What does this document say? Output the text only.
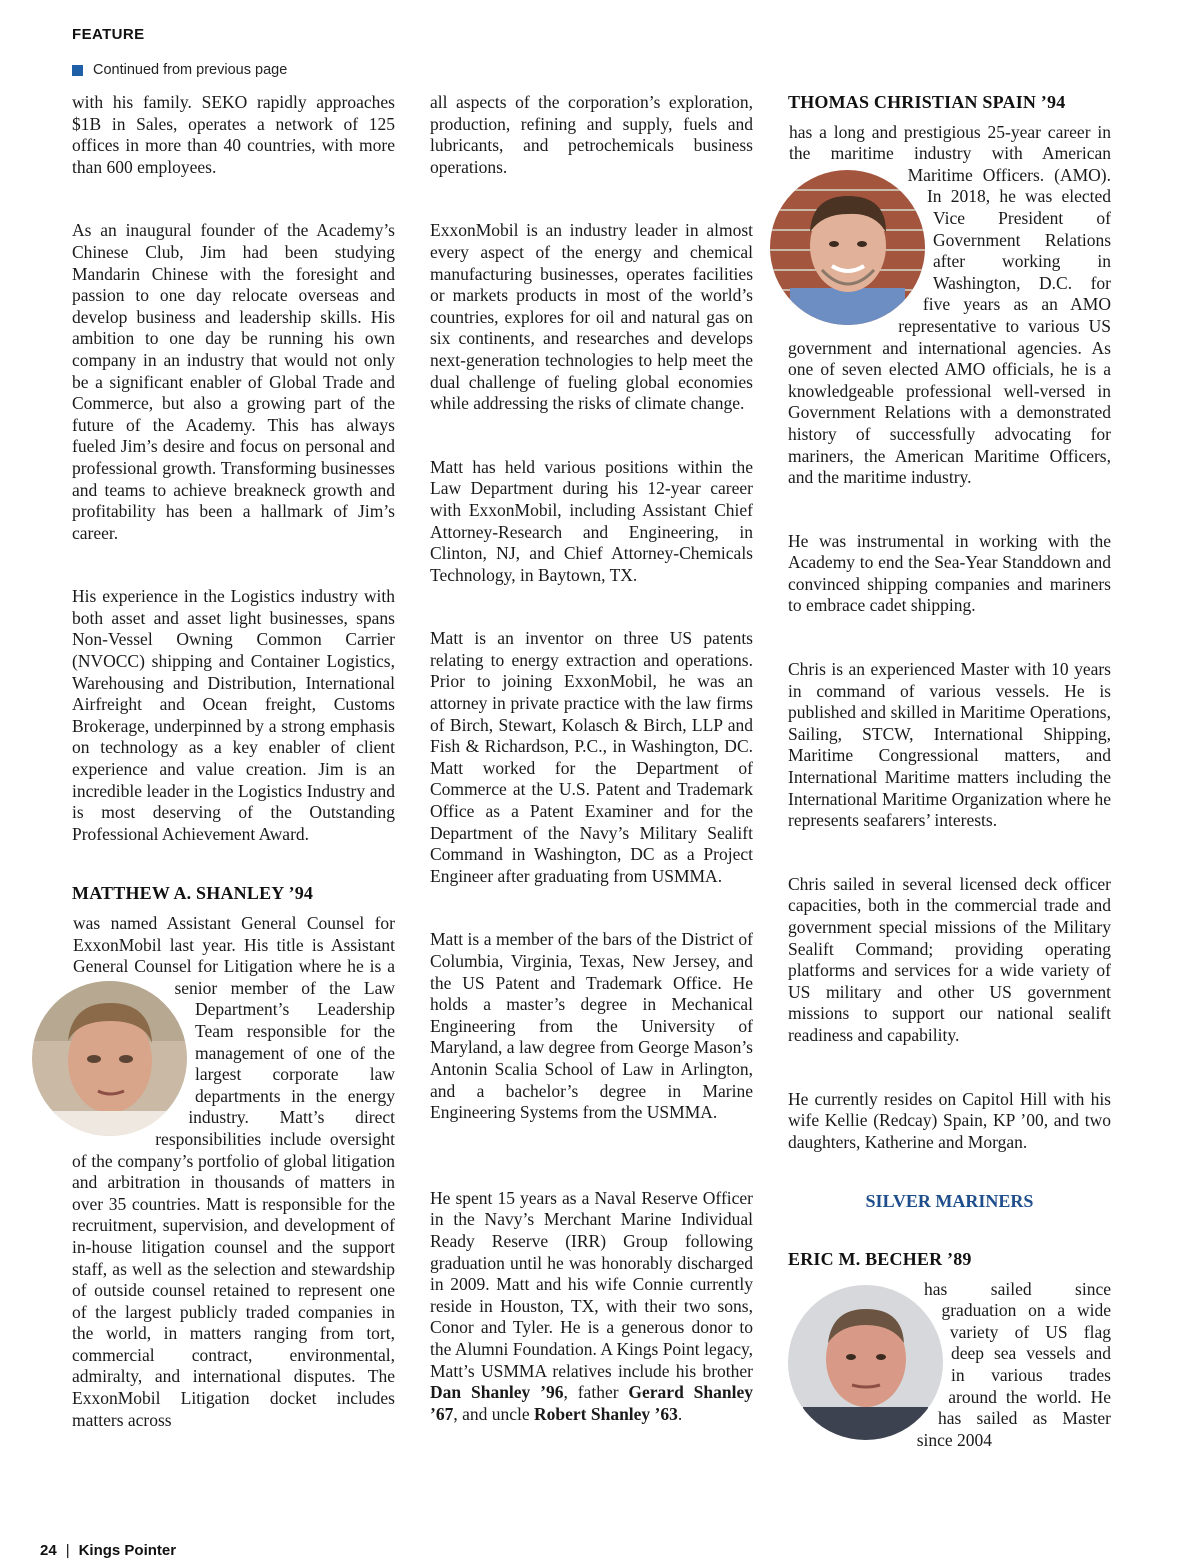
FEATURE
Continued from previous page

with his family. SEKO rapidly approaches $1B in Sales, operates a network of 125 offices in more than 40 countries, with more than 600 employees.

As an inaugural founder of the Academy’s Chinese Club, Jim had been studying Mandarin Chinese with the foresight and passion to one day relocate overseas and develop business and leadership skills. His ambition to one day be running his own company in an industry that would not only be a significant enabler of Global Trade and Commerce, but also a growing part of the future of the Academy. This has always fueled Jim’s desire and focus on personal and professional growth. Transforming businesses and teams to achieve breakneck growth and profitability has been a hallmark of Jim’s career.

His experience in the Logistics industry with both asset and asset light businesses, spans Non-Vessel Owning Common Carrier (NVOCC) shipping and Container Logistics, Warehousing and Distribution, International Airfreight and Ocean freight, Customs Brokerage, underpinned by a strong emphasis on technology as a key enabler of client experience and value creation. Jim is an incredible leader in the Logistics Industry and is most deserving of the Outstanding Professional Achievement Award.

MATTHEW A. SHANLEY ’94

was named Assistant General Counsel for ExxonMobil last year. His title is Assistant General Counsel for Litigation where he is a senior member of the Law Department’s Leadership Team responsible for the management of one of the largest corporate law departments in the energy industry. Matt’s direct responsibilities include oversight of the company’s portfolio of global litigation and arbitration in thousands of matters in over 35 countries. Matt is responsible for the recruitment, supervision, and development of in-house litigation counsel and the support staff, as well as the selection and stewardship of outside counsel retained to represent one of the largest publicly traded companies in the world, in matters ranging from tort, commercial contract, environmental, admiralty, and international disputes. The ExxonMobil Litigation docket includes matters across

all aspects of the corporation’s exploration, production, refining and supply, fuels and lubricants, and petrochemicals business operations.

ExxonMobil is an industry leader in almost every aspect of the energy and chemical manufacturing businesses, operates facilities or markets products in most of the world’s countries, explores for oil and natural gas on six continents, and researches and develops next-generation technologies to help meet the dual challenge of fueling global economies while addressing the risks of climate change.

Matt has held various positions within the Law Department during his 12-year career with ExxonMobil, including Assistant Chief Attorney-Research and Engineering, in Clinton, NJ, and Chief Attorney-Chemicals Technology, in Baytown, TX.

Matt is an inventor on three US patents relating to energy extraction and operations. Prior to joining ExxonMobil, he was an attorney in private practice with the law firms of Birch, Stewart, Kolasch & Birch, LLP and Fish & Richardson, P.C., in Washington, DC. Matt worked for the Department of Commerce at the U.S. Patent and Trademark Office as a Patent Examiner and for the Department of the Navy’s Military Sealift Command in Washington, DC as a Project Engineer after graduating from USMMA.

Matt is a member of the bars of the District of Columbia, Virginia, Texas, New Jersey, and the US Patent and Trademark Office. He holds a master’s degree in Mechanical Engineering from the University of Maryland, a law degree from George Mason’s Antonin Scalia School of Law in Arlington, and a bachelor’s degree in Marine Engineering Systems from the USMMA.

He spent 15 years as a Naval Reserve Officer in the Navy’s Merchant Marine Individual Ready Reserve (IRR) Group following graduation until he was honorably discharged in 2009. Matt and his wife Connie currently reside in Houston, TX, with their two sons, Conor and Tyler. He is a generous donor to the Alumni Foundation. A Kings Point legacy, Matt’s USMMA relatives include his brother Dan Shanley ’96, father Gerard Shanley ’67, and uncle Robert Shanley ’63.

THOMAS CHRISTIAN SPAIN ’94

has a long and prestigious 25-year career in the maritime industry with American Maritime Officers. (AMO). In 2018, he was elected Vice President of Government Relations after working in Washington, D.C. for five years as an AMO representative to various US government and international agencies. As one of seven elected AMO officials, he is a knowledgeable professional well-versed in Government Relations with a demonstrated history of successfully advocating for mariners, the American Maritime Officers, and the maritime industry.

He was instrumental in working with the Academy to end the Sea-Year Standdown and convinced shipping companies and mariners to embrace cadet shipping.

Chris is an experienced Master with 10 years in command of various vessels. He is published and skilled in Maritime Operations, Sailing, STCW, International Shipping, Maritime Congressional matters, and International Maritime matters including the International Maritime Organization where he represents seafarers’ interests.

Chris sailed in several licensed deck officer capacities, both in the commercial trade and government special missions of the Military Sealift Command; providing operating platforms and services for a wide variety of US military and other US government missions to support our national sealift readiness and capability.

He currently resides on Capitol Hill with his wife Kellie (Redcay) Spain, KP ’00, and two daughters, Katherine and Morgan.

SILVER MARINERS
ERIC M. BECHER ’89

has sailed since graduation on a wide variety of US flag deep sea vessels and in various trades around the world. He has sailed as Master since 2004

24 | Kings Pointer
